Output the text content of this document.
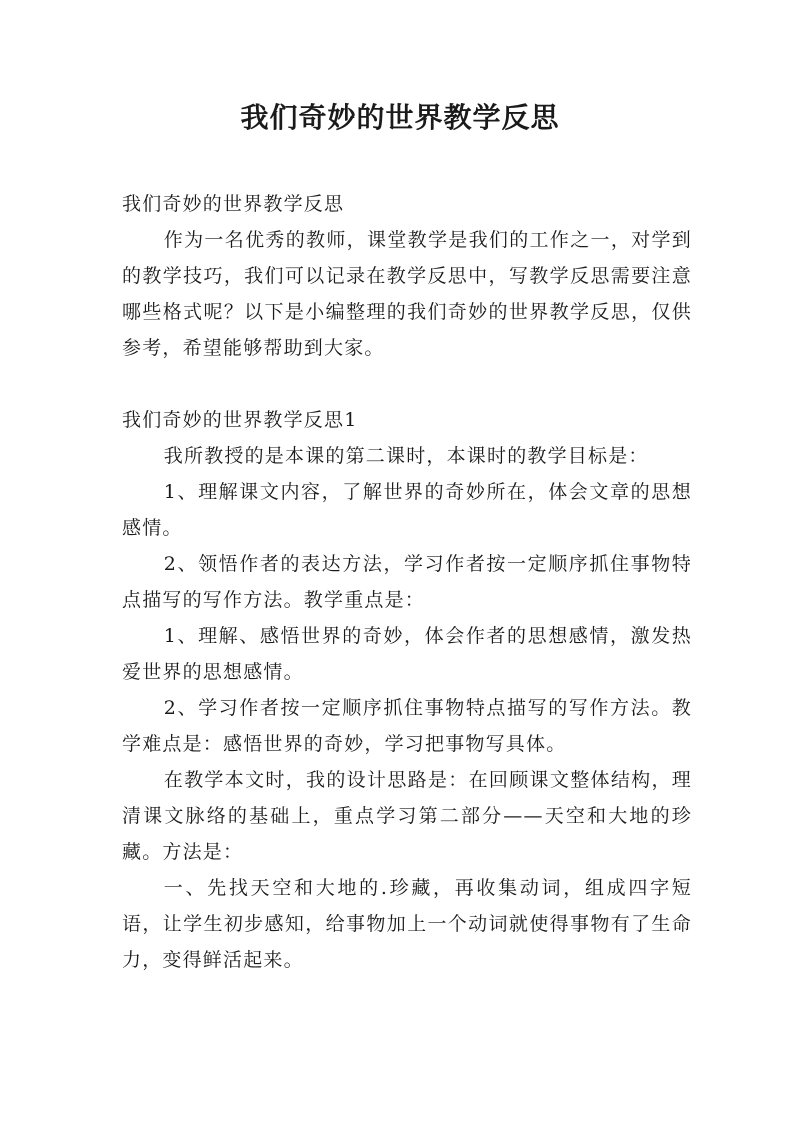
我们奇妙的世界教学反思

我们奇妙的世界教学反思

作为一名优秀的教师，课堂教学是我们的工作之一，对学到的教学技巧，我们可以记录在教学反思中，写教学反思需要注意哪些格式呢？以下是小编整理的我们奇妙的世界教学反思，仅供参考，希望能够帮助到大家。

我们奇妙的世界教学反思1

我所教授的是本课的第二课时，本课时的教学目标是：

1、理解课文内容，了解世界的奇妙所在，体会文章的思想感情。

2、领悟作者的表达方法，学习作者按一定顺序抓住事物特点描写的写作方法。教学重点是：

1、理解、感悟世界的奇妙，体会作者的思想感情，激发热爱世界的思想感情。

2、学习作者按一定顺序抓住事物特点描写的写作方法。教学难点是：感悟世界的奇妙，学习把事物写具体。

在教学本文时，我的设计思路是：在回顾课文整体结构，理清课文脉络的基础上，重点学习第二部分——天空和大地的珍藏。方法是：

一、先找天空和大地的.珍藏，再收集动词，组成四字短语，让学生初步感知，给事物加上一个动词就使得事物有了生命力，变得鲜活起来。
